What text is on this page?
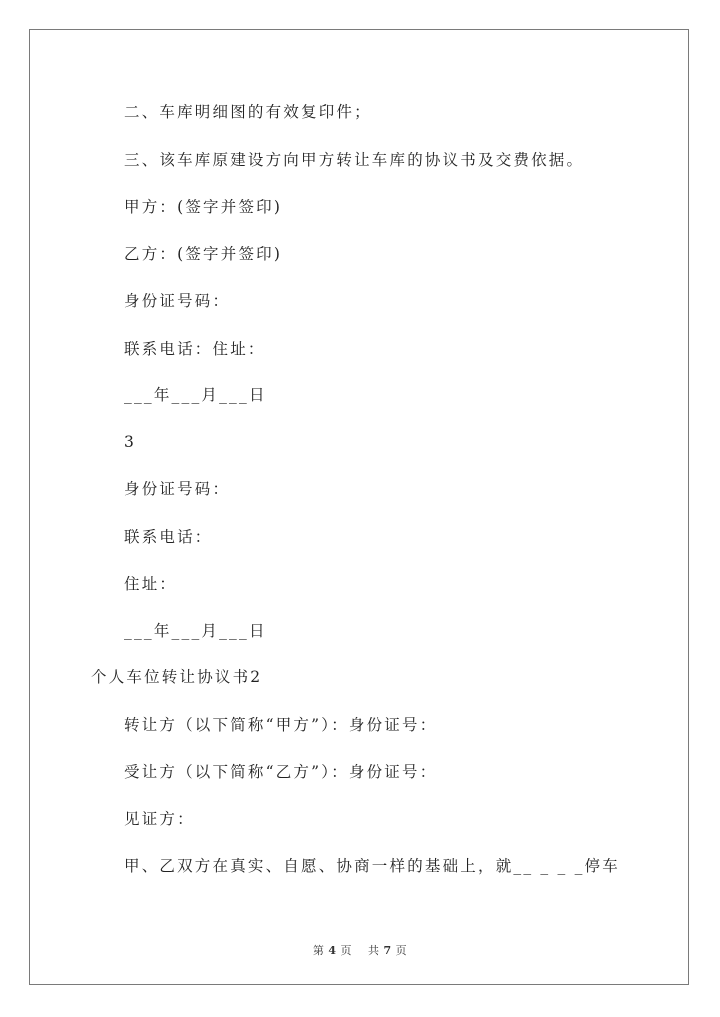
二、车库明细图的有效复印件；
三、该车库原建设方向甲方转让车库的协议书及交费依据。
甲方：(签字并签印)
乙方：(签字并签印)
身份证号码：
联系电话：住址：
___年___月___日
3
身份证号码：
联系电话：
住址：
___年___月___日
个人车位转让协议书2
转让方（以下简称“甲方”）：身份证号：
受让方（以下简称“乙方”）：身份证号：
见证方：
甲、乙双方在真实、自愿、协商一样的基础上，就__ _ _ _停车
第 4 页 共 7 页
